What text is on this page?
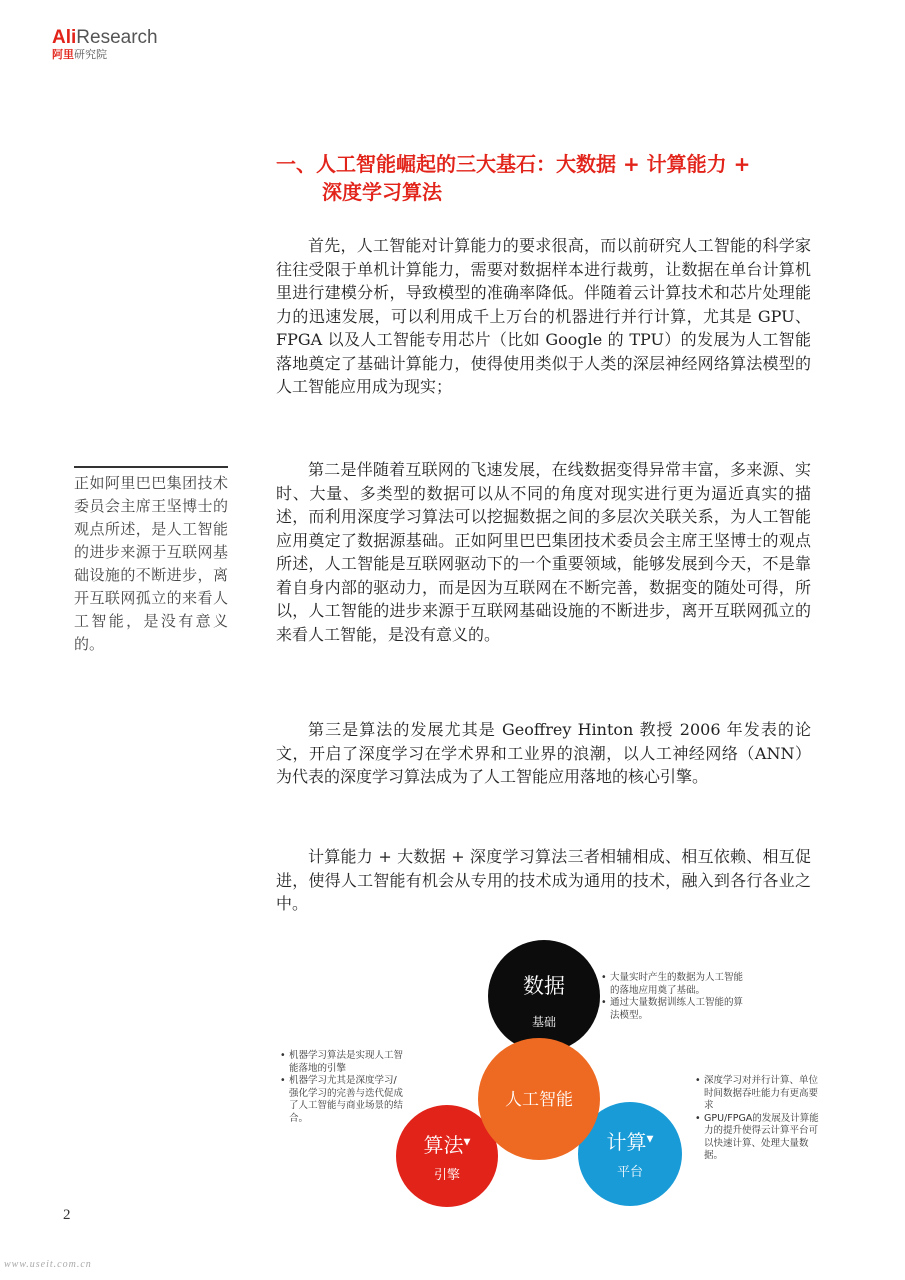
AliResearch
阿里研究院
一、人工智能崛起的三大基石：大数据 + 计算能力 +
深度学习算法

首先，人工智能对计算能力的要求很高，而以前研究人工智能的科学家往往受限于单机计算能力，需要对数据样本进行裁剪，让数据在单台计算机里进行建模分析，导致模型的准确率降低。伴随着云计算技术和芯片处理能力的迅速发展，可以利用成千上万台的机器进行并行计算，尤其是 GPU、FPGA 以及人工智能专用芯片（比如 Google 的 TPU）的发展为人工智能落地奠定了基础计算能力，使得使用类似于人类的深层神经网络算法模型的人工智能应用成为现实；

第二是伴随着互联网的飞速发展，在线数据变得异常丰富，多来源、实时、大量、多类型的数据可以从不同的角度对现实进行更为逼近真实的描述，而利用深度学习算法可以挖掘数据之间的多层次关联关系，为人工智能应用奠定了数据源基础。正如阿里巴巴集团技术委员会主席王坚博士的观点所述，人工智能是互联网驱动下的一个重要领域，能够发展到今天，不是靠着自身内部的驱动力，而是因为互联网在不断完善，数据变的随处可得，所以，人工智能的进步来源于互联网基础设施的不断进步，离开互联网孤立的来看人工智能，是没有意义的。

第三是算法的发展尤其是 Geoffrey Hinton 教授 2006 年发表的论文，开启了深度学习在学术界和工业界的浪潮，以人工神经网络（ANN）为代表的深度学习算法成为了人工智能应用落地的核心引擎。

计算能力 + 大数据 + 深度学习算法三者相辅相成、相互依赖、相互促进，使得人工智能有机会从专用的技术成为通用的技术，融入到各行各业之中。

正如阿里巴巴集团技术委员会主席王坚博士的观点所述，是人工智能的进步来源于互联网基础设施的不断进步，离开互联网孤立的来看人工智能，是没有意义的。
数据
基础
人工智能
算法▼
引擎
计算▼
平台
• 大量实时产生的数据为人工智能的落地应用奠了基础。
• 通过大量数据训练人工智能的算法模型。
• 机器学习算法是实现人工智能落地的引擎
• 机器学习尤其是深度学习/强化学习的完善与迭代促成了人工智能与商业场景的结合。
• 深度学习对并行计算、单位时间数据吞吐能力有更高要求
• GPU/FPGA的发展及计算能力的提升使得云计算平台可以快速计算、处理大量数据。
2
www.useit.com.cn
